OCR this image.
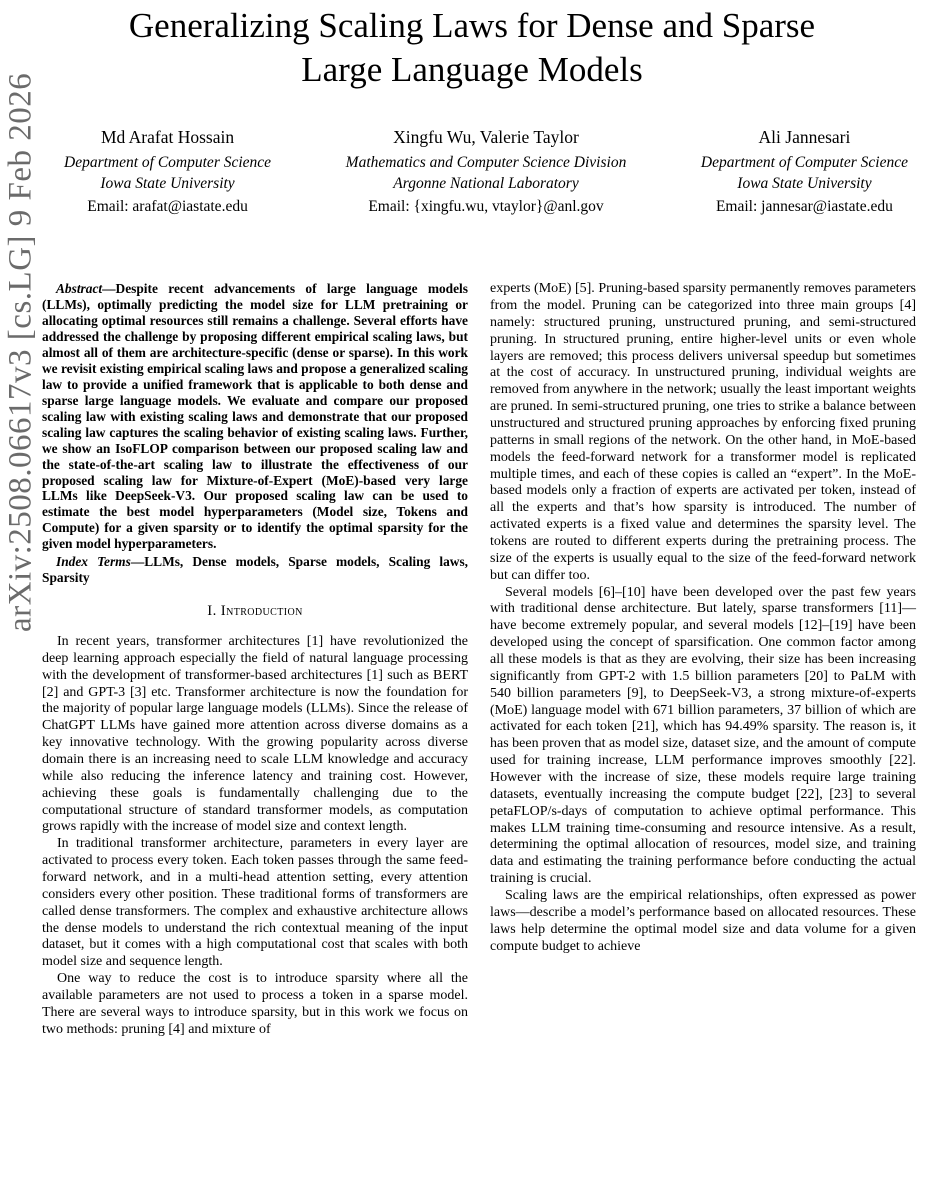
arXiv:2508.06617v3 [cs.LG] 9 Feb 2026
Generalizing Scaling Laws for Dense and Sparse
Large Language Models
Md Arafat Hossain
Department of Computer Science
Iowa State University
Email: arafat@iastate.edu
Xingfu Wu, Valerie Taylor
Mathematics and Computer Science Division
Argonne National Laboratory
Email: {xingfu.wu, vtaylor}@anl.gov
Ali Jannesari
Department of Computer Science
Iowa State University
Email: jannesar@iastate.edu

Abstract—Despite recent advancements of large language models (LLMs), optimally predicting the model size for LLM pretraining or allocating optimal resources still remains a challenge. Several efforts have addressed the challenge by proposing different empirical scaling laws, but almost all of them are architecture-specific (dense or sparse). In this work we revisit existing empirical scaling laws and propose a generalized scaling law to provide a unified framework that is applicable to both dense and sparse large language models. We evaluate and compare our proposed scaling law with existing scaling laws and demonstrate that our proposed scaling law captures the scaling behavior of existing scaling laws. Further, we show an IsoFLOP comparison between our proposed scaling law and the state-of-the-art scaling law to illustrate the effectiveness of our proposed scaling law for Mixture-of-Expert (MoE)-based very large LLMs like DeepSeek-V3. Our proposed scaling law can be used to estimate the best model hyperparameters (Model size, Tokens and Compute) for a given sparsity or to identify the optimal sparsity for the given model hyperparameters.

Index Terms—LLMs, Dense models, Sparse models, Scaling laws, Sparsity

I. Introduction

In recent years, transformer architectures [1] have revolutionized the deep learning approach especially the field of natural language processing with the development of transformer-based architectures [1] such as BERT [2] and GPT-3 [3] etc. Transformer architecture is now the foundation for the majority of popular large language models (LLMs). Since the release of ChatGPT LLMs have gained more attention across diverse domains as a key innovative technology. With the growing popularity across diverse domain there is an increasing need to scale LLM knowledge and accuracy while also reducing the inference latency and training cost. However, achieving these goals is fundamentally challenging due to the computational structure of standard transformer models, as computation grows rapidly with the increase of model size and context length.

In traditional transformer architecture, parameters in every layer are activated to process every token. Each token passes through the same feed-forward network, and in a multi-head attention setting, every attention considers every other position. These traditional forms of transformers are called dense transformers. The complex and exhaustive architecture allows the dense models to understand the rich contextual meaning of the input dataset, but it comes with a high computational cost that scales with both model size and sequence length.

One way to reduce the cost is to introduce sparsity where all the available parameters are not used to process a token in a sparse model. There are several ways to introduce sparsity, but in this work we focus on two methods: pruning [4] and mixture of

experts (MoE) [5]. Pruning-based sparsity permanently removes parameters from the model. Pruning can be categorized into three main groups [4] namely: structured pruning, unstructured pruning, and semi-structured pruning. In structured pruning, entire higher-level units or even whole layers are removed; this process delivers universal speedup but sometimes at the cost of accuracy. In unstructured pruning, individual weights are removed from anywhere in the network; usually the least important weights are pruned. In semi-structured pruning, one tries to strike a balance between unstructured and structured pruning approaches by enforcing fixed pruning patterns in small regions of the network. On the other hand, in MoE-based models the feed-forward network for a transformer model is replicated multiple times, and each of these copies is called an “expert”. In the MoE-based models only a fraction of experts are activated per token, instead of all the experts and that’s how sparsity is introduced. The number of activated experts is a fixed value and determines the sparsity level. The tokens are routed to different experts during the pretraining process. The size of the experts is usually equal to the size of the feed-forward network but can differ too.

Several models [6]–[10] have been developed over the past few years with traditional dense architecture. But lately, sparse transformers [11]—have become extremely popular, and several models [12]–[19] have been developed using the concept of sparsification. One common factor among all these models is that as they are evolving, their size has been increasing significantly from GPT-2 with 1.5 billion parameters [20] to PaLM with 540 billion parameters [9], to DeepSeek-V3, a strong mixture-of-experts (MoE) language model with 671 billion parameters, 37 billion of which are activated for each token [21], which has 94.49% sparsity. The reason is, it has been proven that as model size, dataset size, and the amount of compute used for training increase, LLM performance improves smoothly [22]. However with the increase of size, these models require large training datasets, eventually increasing the compute budget [22], [23] to several petaFLOP/s-days of computation to achieve optimal performance. This makes LLM training time-consuming and resource intensive. As a result, determining the optimal allocation of resources, model size, and training data and estimating the training performance before conducting the actual training is crucial.

Scaling laws are the empirical relationships, often expressed as power laws—describe a model’s performance based on allocated resources. These laws help determine the optimal model size and data volume for a given compute budget to achieve
